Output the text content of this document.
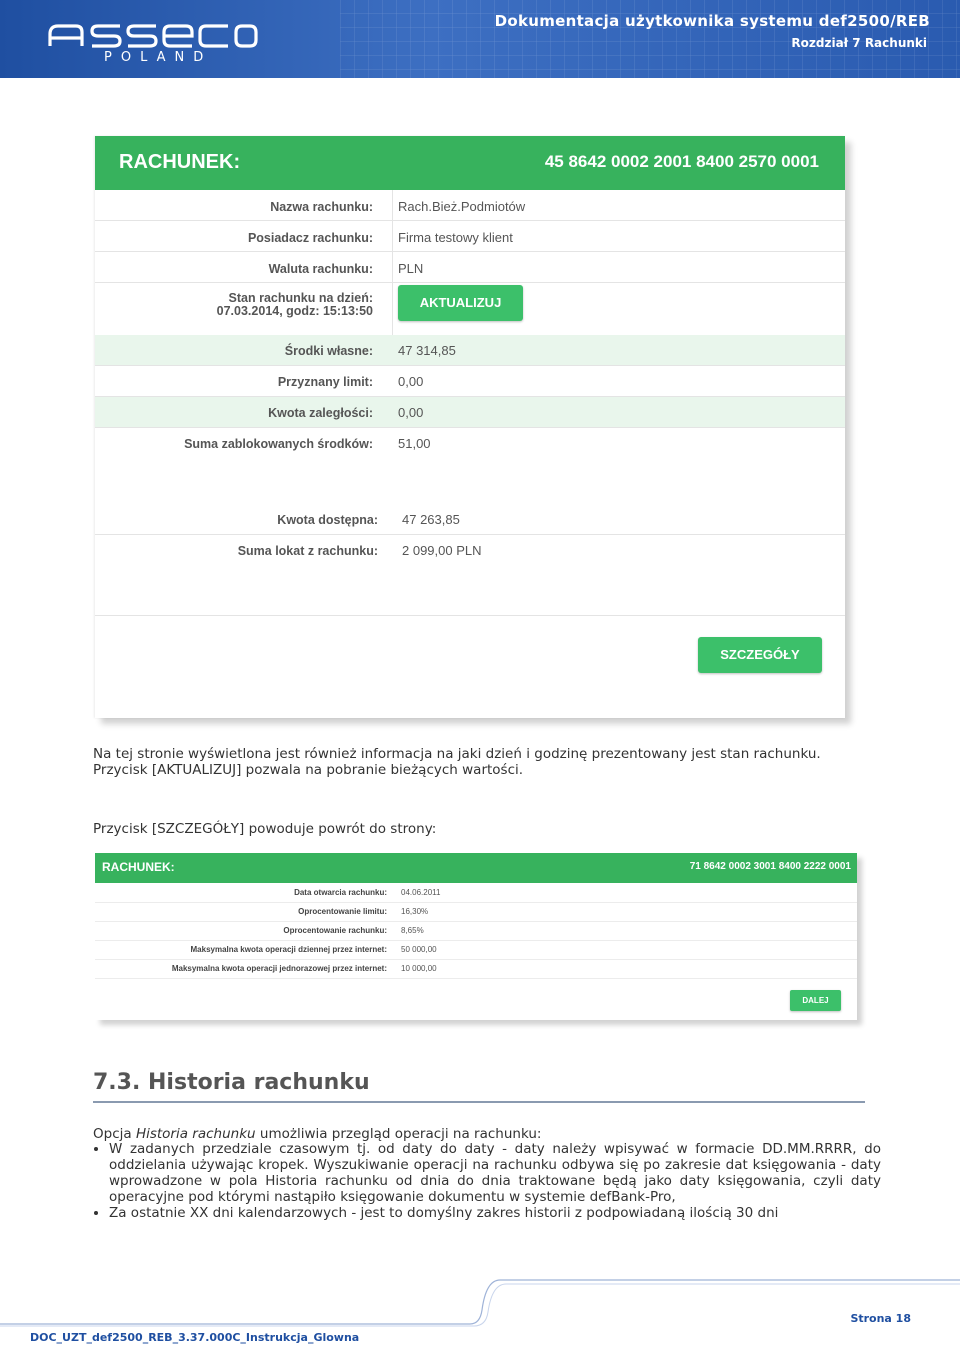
POLAND
Dokumentacja użytkownika systemu def2500/REB
Rozdział 7 Rachunki
RACHUNEK:	45 8642 0002 2001 8400 2570 0001
Nazwa rachunku: Rach.Bież.Podmiotów
Posiadacz rachunku: Firma testowy klient
Waluta rachunku: PLN
Stan rachunku na dzień:
07.03.2014, godz: 15:13:50
AKTUALIZUJ
Środki własne: 47 314,85
Przyznany limit: 0,00
Kwota zaległości: 0,00
Suma zablokowanych środków: 51,00
Kwota dostępna: 47 263,85
Suma lokat z rachunku: 2 099,00 PLN
SZCZEGÓŁY
Na tej stronie wyświetlona jest również informacja na jaki dzień i godzinę prezentowany jest stan rachunku.
Przycisk [AKTUALIZUJ] pozwala na pobranie bieżących wartości.
Przycisk [SZCZEGÓŁY] powoduje powrót do strony:
RACHUNEK:	71 8642 0002 3001 8400 2222 0001
Data otwarcia rachunku: 04.06.2011
Oprocentowanie limitu: 16,30%
Oprocentowanie rachunku: 8,65%
Maksymalna kwota operacji dziennej przez internet: 50 000,00
Maksymalna kwota operacji jednorazowej przez internet: 10 000,00
DALEJ
7.3. Historia rachunku
Opcja Historia rachunku umożliwia przegląd operacji na rachunku:
• W zadanych przedziale czasowym tj. od daty do daty - daty należy wpisywać w formacie DD.MM.RRRR, do oddzielania używając kropek. Wyszukiwanie operacji na rachunku odbywa się po zakresie dat księgowania - daty wprowadzone w pola Historia rachunku od dnia do dnia traktowane będą jako daty księgowania, czyli daty operacyjne pod którymi nastąpiło księgowanie dokumentu w systemie defBank-Pro,
• Za ostatnie XX dni kalendarzowych - jest to domyślny zakres historii z podpowiadaną ilością 30 dni
DOC_UZT_def2500_REB_3.37.000C_Instrukcja_Glowna
Strona 18
